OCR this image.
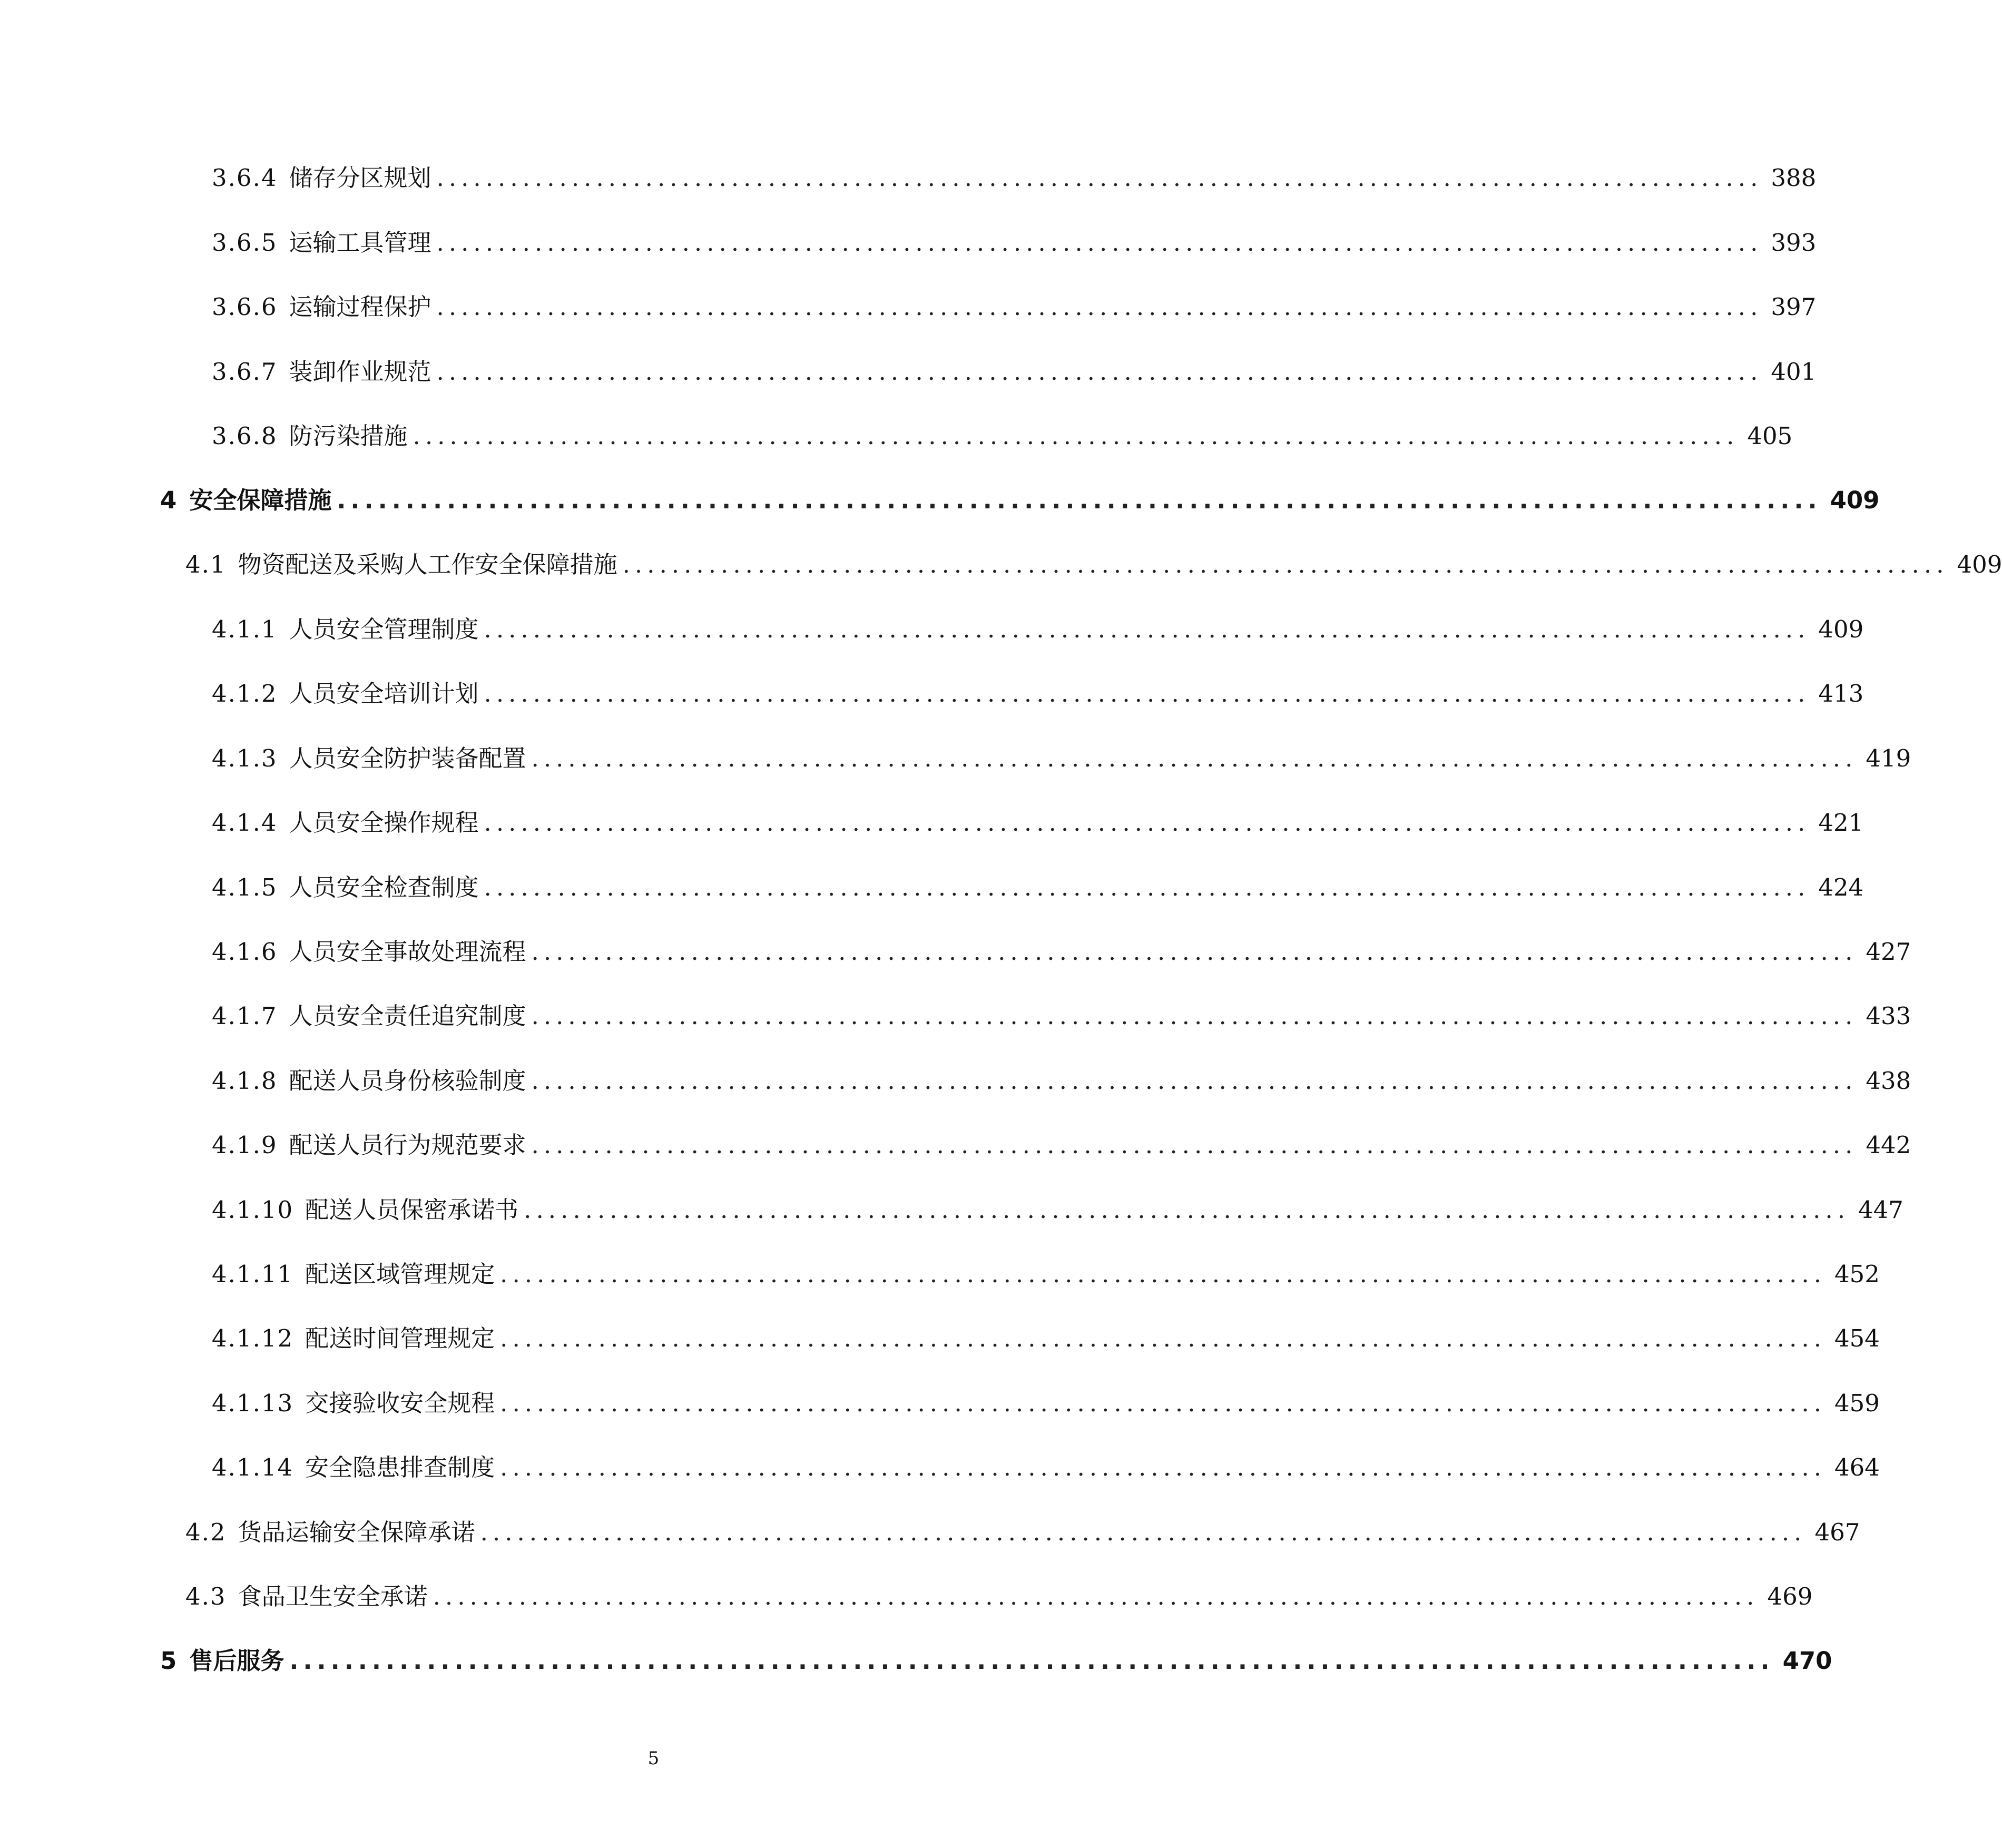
3.6.4 储存分区规划 ............................................................................................................ 388
3.6.5 运输工具管理 ............................................................................................................ 393
3.6.6 运输过程保护 ............................................................................................................ 397
3.6.7 装卸作业规范 ............................................................................................................ 401
3.6.8 防污染措施 ............................................................................................................ 405
4 安全保障措施 ............................................................................................................ 409
4.1 物资配送及采购人工作安全保障措施 ............................................................................................................ 409
4.1.1 人员安全管理制度 ............................................................................................................ 409
4.1.2 人员安全培训计划 ............................................................................................................ 413
4.1.3 人员安全防护装备配置 ............................................................................................................ 419
4.1.4 人员安全操作规程 ............................................................................................................ 421
4.1.5 人员安全检查制度 ............................................................................................................ 424
4.1.6 人员安全事故处理流程 ............................................................................................................ 427
4.1.7 人员安全责任追究制度 ............................................................................................................ 433
4.1.8 配送人员身份核验制度 ............................................................................................................ 438
4.1.9 配送人员行为规范要求 ............................................................................................................ 442
4.1.10 配送人员保密承诺书 ............................................................................................................ 447
4.1.11 配送区域管理规定 ............................................................................................................ 452
4.1.12 配送时间管理规定 ............................................................................................................ 454
4.1.13 交接验收安全规程 ............................................................................................................ 459
4.1.14 安全隐患排查制度 ............................................................................................................ 464
4.2 货品运输安全保障承诺 ............................................................................................................ 467
4.3 食品卫生安全承诺 ............................................................................................................ 469
5 售后服务 ............................................................................................................ 470
5
